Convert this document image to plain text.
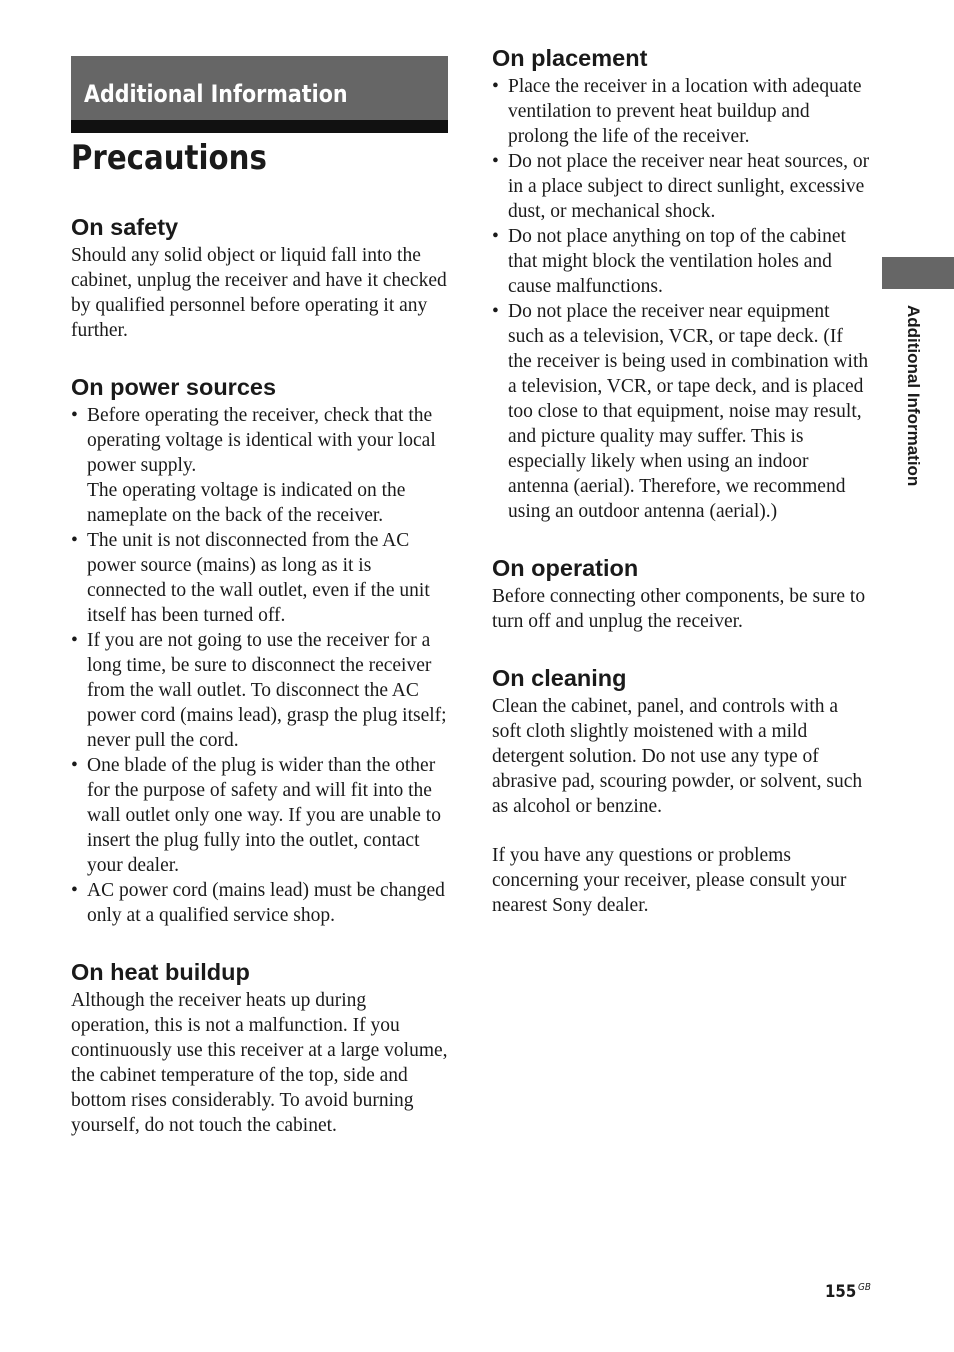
Additional Information
Precautions
On safety

Should any solid object or liquid fall into the cabinet, unplug the receiver and have it checked by qualified personnel before operating it any further.

On power sources
• Before operating the receiver, check that the operating voltage is identical with your local power supply.
The operating voltage is indicated on the nameplate on the back of the receiver.
• The unit is not disconnected from the AC power source (mains) as long as it is connected to the wall outlet, even if the unit itself has been turned off.
• If you are not going to use the receiver for a long time, be sure to disconnect the receiver from the wall outlet. To disconnect the AC power cord (mains lead), grasp the plug itself; never pull the cord.
• One blade of the plug is wider than the other for the purpose of safety and will fit into the wall outlet only one way. If you are unable to insert the plug fully into the outlet, contact your dealer.
• AC power cord (mains lead) must be changed only at a qualified service shop.
On heat buildup

Although the receiver heats up during operation, this is not a malfunction. If you continuously use this receiver at a large volume, the cabinet temperature of the top, side and bottom rises considerably. To avoid burning yourself, do not touch the cabinet.

On placement
• Place the receiver in a location with adequate ventilation to prevent heat buildup and prolong the life of the receiver.
• Do not place the receiver near heat sources, or in a place subject to direct sunlight, excessive dust, or mechanical shock.
• Do not place anything on top of the cabinet that might block the ventilation holes and cause malfunctions.
• Do not place the receiver near equipment such as a television, VCR, or tape deck. (If the receiver is being used in combination with a television, VCR, or tape deck, and is placed too close to that equipment, noise may result, and picture quality may suffer. This is especially likely when using an indoor antenna (aerial). Therefore, we recommend using an outdoor antenna (aerial).)
On operation

Before connecting other components, be sure to turn off and unplug the receiver.

On cleaning

Clean the cabinet, panel, and controls with a soft cloth slightly moistened with a mild detergent solution. Do not use any type of abrasive pad, scouring powder, or solvent, such as alcohol or benzine.

If you have any questions or problems concerning your receiver, please consult your nearest Sony dealer.

Additional Information
155 $^{GB}$
